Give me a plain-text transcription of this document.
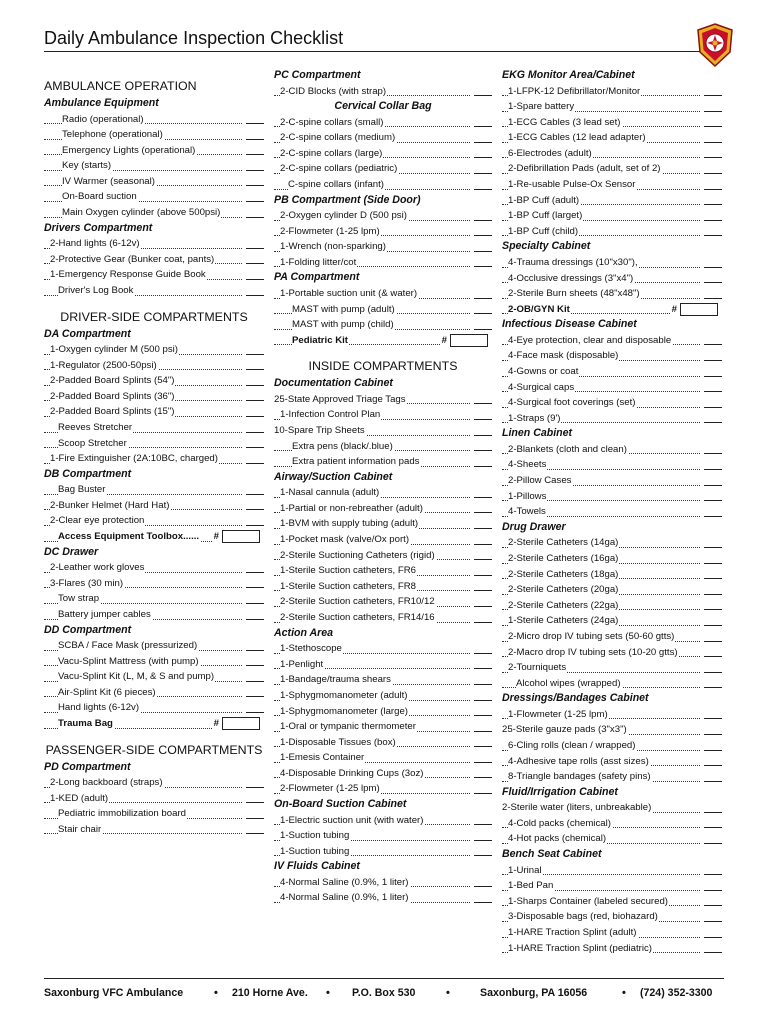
Daily Ambulance Inspection Checklist
AMBULANCE OPERATION
Ambulance Equipment
Radio (operational)
Telephone (operational)
Emergency Lights (operational)
Key (starts)
IV Warmer (seasonal)
On-Board suction
Main Oxygen cylinder (above 500psi)
Drivers Compartment
2-Hand lights (6-12v)
2-Protective Gear (Bunker coat, pants)
1-Emergency Response Guide Book
Driver's Log Book
DRIVER-SIDE COMPARTMENTS
DA Compartment
1-Oxygen cylinder M (500 psi)
1-Regulator (2500-50psi)
2-Padded Board Splints (54")
2-Padded Board Splints (36")
2-Padded Board Splints (15")
Reeves Stretcher
Scoop Stretcher
1-Fire Extinguisher (2A:10BC, charged)
DB Compartment
Bag Buster
2-Bunker Helmet (Hard Hat)
2-Clear eye protection
Access Equipment Toolbox...... #
DC Drawer
2-Leather work gloves
3-Flares (30 min)
Tow strap
Battery jumper cables
DD Compartment
SCBA / Face Mask (pressurized)
Vacu-Splint Mattress (with pump)
Vacu-Splint Kit (L, M, & S and pump)
Air-Splint Kit (6 pieces)
Hand lights (6-12v)
Trauma Bag	#
PASSENGER-SIDE COMPARTMENTS
PD Compartment
2-Long backboard (straps)
1-KED (adult)
Pediatric immobilization board
Stair chair
PC Compartment
2-CID Blocks (with strap)
Cervical Collar Bag
2-C-spine collars (small)
2-C-spine collars (medium)
2-C-spine collars (large)
2-C-spine collars (pediatric)
C-spine collars (infant)
PB Compartment (Side Door)
2-Oxygen cylinder D (500 psi)
2-Flowmeter (1-25 lpm)
1-Wrench (non-sparking)
1-Folding litter/cot
PA Compartment
1-Portable suction unit (& water)
MAST with pump (adult)
MAST with pump (child)
Pediatric Kit	#
INSIDE COMPARTMENTS
Documentation Cabinet
25-State Approved Triage Tags
1-Infection Control Plan
10-Spare Trip Sheets
Extra pens (black/.blue)
Extra patient information pads
Airway/Suction Cabinet
1-Nasal cannula (adult)
1-Partial or non-rebreather (adult)
1-BVM with supply tubing (adult)
1-Pocket mask (valve/Ox port)
2-Sterile Suctioning Catheters (rigid)
1-Sterile Suction catheters, FR6
1-Sterile Suction catheters, FR8
2-Sterile Suction catheters, FR10/12
2-Sterile Suction catheters, FR14/16
Action Area
1-Stethoscope
1-Penlight
1-Bandage/trauma shears
1-Sphygmomanometer (adult)
1-Sphygmomanometer (large)
1-Oral or tympanic thermometer
1-Disposable Tissues (box)
1-Emesis Container
4-Disposable Drinking Cups (3oz)
2-Flowmeter (1-25 lpm)
On-Board Suction Cabinet
1-Electric suction unit (with water)
1-Suction tubing
1-Suction tubing
IV Fluids Cabinet
4-Normal Saline (0.9%, 1 liter)
4-Normal Saline (0.9%, 1 liter)
EKG Monitor Area/Cabinet
1-LFPK-12 Defibrillator/Monitor
1-Spare battery
1-ECG Cables (3 lead set)
1-ECG Cables (12 lead adapter)
6-Electrodes (adult)
2-Defibrillation Pads (adult, set of 2)
1-Re-usable Pulse-Ox Sensor
1-BP Cuff (adult)
1-BP Cuff (larget)
1-BP Cuff (child)
Specialty Cabinet
4-Trauma dressings (10"x30"),
4-Occlusive dressings (3"x4")
2-Sterile Burn sheets (48"x48")
2-OB/GYN Kit	#
Infectious Disease Cabinet
4-Eye protection, clear and disposable
4-Face mask (disposable)
4-Gowns or coat
4-Surgical caps
4-Surgical foot coverings (set)
1-Straps (9')
Linen Cabinet
2-Blankets (cloth and clean)
4-Sheets
2-Pillow Cases
1-Pillows
4-Towels
Drug Drawer
2-Sterile Catheters (14ga)
2-Sterile Catheters (16ga)
2-Sterile Catheters (18ga)
2-Sterile Catheters (20ga)
2-Sterile Catheters (22ga)
1-Sterile Catheters (24ga)
2-Micro drop IV tubing sets (50-60 gtts)
2-Macro drop IV tubing sets (10-20 gtts)
2-Tourniquets
Alcohol wipes (wrapped)
Dressings/Bandages Cabinet
1-Flowmeter (1-25 lpm)
25-Sterile gauze pads (3"x3")
6-Cling rolls (clean / wrapped)
4-Adhesive tape rolls (asst sizes)
8-Triangle bandages (safety pins)
Fluid/Irrigation Cabinet
2-Sterile water (liters, unbreakable)
4-Cold packs (chemical)
4-Hot packs (chemical)
Bench Seat Cabinet
1-Urinal
1-Bed Pan
1-Sharps Container (labeled secured)
3-Disposable bags (red, biohazard)
1-HARE Traction Splint (adult)
1-HARE Traction Splint (pediatric)
Saxonburg VFC Ambulance	• 210 Horne Ave. • P.O. Box 530	•	Saxonburg, PA 16056	• (724) 352-3300
